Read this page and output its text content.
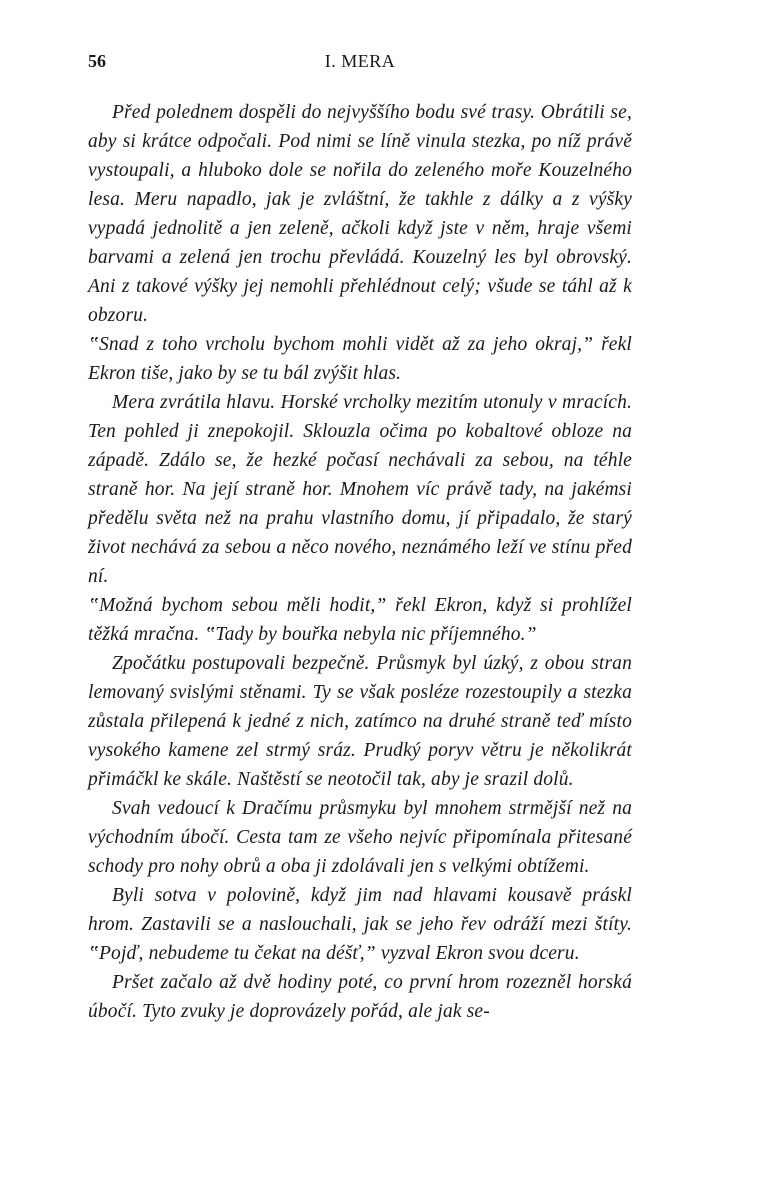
56	I. MERA

Před polednem dospěli do nejvyššího bodu své trasy. Obrátili se, aby si krátce odpočali. Pod nimi se líně vinula stezka, po níž právě vystoupali, a hluboko dole se nořila do zeleného moře Kouzelného lesa. Meru napadlo, jak je zvláštní, že takhle z dálky a z výšky vypadá jednolitě a jen zeleně, ačkoli když jste v něm, hraje všemi barvami a zelená jen trochu převládá. Kouzelný les byl obrovský. Ani z takové výšky jej nemohli přehlédnout celý; všude se táhl až k obzoru.

‟Snad z toho vrcholu bychom mohli vidět až za jeho okraj,” řekl Ekron tiše, jako by se tu bál zvýšit hlas.

Mera zvrátila hlavu. Horské vrcholky mezitím utonuly v mracích. Ten pohled ji znepokojil. Sklouzla očima po kobaltové obloze na západě. Zdálo se, že hezké počasí nechávali za sebou, na téhle straně hor. Na její straně hor. Mnohem víc právě tady, na jakémsi předělu světa než na prahu vlastního domu, jí připadalo, že starý život nechává za sebou a něco nového, neznámého leží ve stínu před ní.

‟Možná bychom sebou měli hodit,” řekl Ekron, když si prohlížel těžká mračna. ‟Tady by bouřka nebyla nic příjemného.”

Zpočátku postupovali bezpečně. Průsmyk byl úzký, z obou stran lemovaný svislými stěnami. Ty se však posléze rozestoupily a stezka zůstala přilepená k jedné z nich, zatímco na druhé straně teď místo vysokého kamene zel strmý sráz. Prudký poryv větru je několikrát přimáčkl ke skále. Naštěstí se neotočil tak, aby je srazil dolů.

Svah vedoucí k Dračímu průsmyku byl mnohem strmější než na východním úbočí. Cesta tam ze všeho nejvíc připomínala přitesané schody pro nohy obrů a oba ji zdolávali jen s velkými obtížemi.

Byli sotva v polovině, když jim nad hlavami kousavě práskl hrom. Zastavili se a naslouchali, jak se jeho řev odráží mezi štíty. ‟Pojď, nebudeme tu čekat na déšť,” vyzval Ekron svou dceru.

Pršet začalo až dvě hodiny poté, co první hrom rozezněl horská úbočí. Tyto zvuky je doprovázely pořád, ale jak se-
